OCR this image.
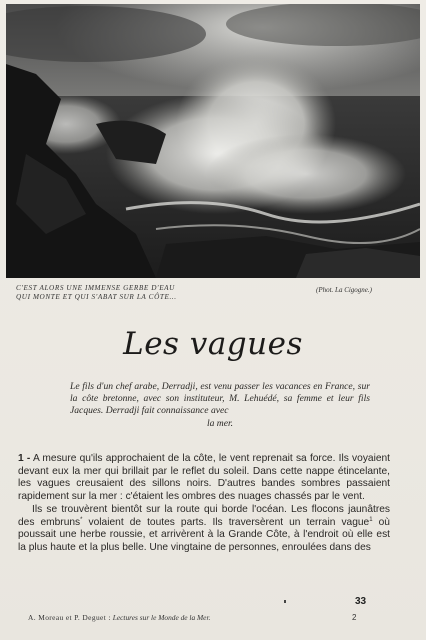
C'EST ALORS UNE IMMENSE GERBE D'EAU
QUI MONTE ET QUI S'ABAT SUR LA CÔTE...
(Phot. La Cigogne.)
Les vagues
Le fils d'un chef arabe, Derradji, est venu passer les vacances en France, sur la côte bretonne, avec son instituteur, M. Lehuédé, sa femme et leur fils Jacques. Derradji fait connaissance avec
la mer.

1 - A mesure qu'ils approchaient de la côte, le vent reprenait sa force. Ils voyaient devant eux la mer qui brillait par le reflet du soleil. Dans cette nappe étincelante, les vagues creusaient des sillons noirs. D'autres bandes sombres passaient rapidement sur la mer : c'étaient les ombres des nuages chassés par le vent.

Ils se trouvèrent bientôt sur la route qui borde l'océan. Les flocons jaunâtres des embruns* volaient de toutes parts. Ils traversèrent un terrain vague$^1$ où poussait une herbe roussie, et arrivèrent à la Grande Côte, à l'endroit où elle est la plus haute et la plus belle. Une vingtaine de personnes, enroulées dans des

33
A. Moreau et P. Deguet : Lectures sur le Monde de la Mer.	2
